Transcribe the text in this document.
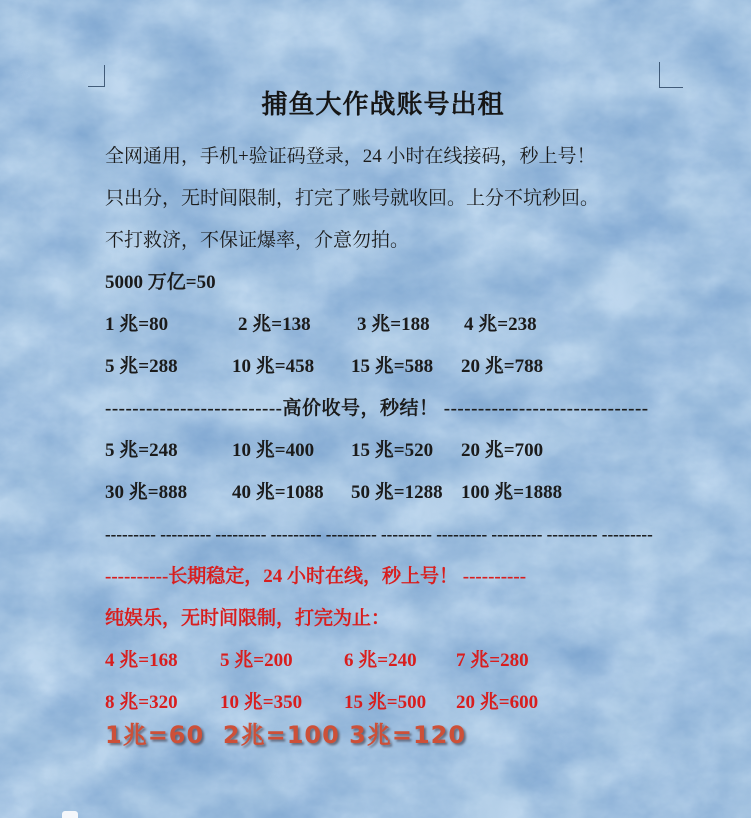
捕鱼大作战账号出租
全网通用，手机+验证码登录，24 小时在线接码，秒上号！
只出分，无时间限制，打完了账号就收回。上分不坑秒回。
不打救济，不保证爆率，介意勿拍。
5000 万亿=50
1 兆=80	2 兆=138	3 兆=188	4 兆=238
5 兆=288	10 兆=458	15 兆=588	20 兆=788
--------------------------高价收号，秒结！ ------------------------------
5 兆=248	10 兆=400	15 兆=520	20 兆=700
30 兆=888	40 兆=1088	50 兆=1288 100 兆=1888
--------- --------- --------- --------- --------- --------- --------- --------- --------- ---------
----------长期稳定，24 小时在线，秒上号！ ----------
纯娱乐，无时间限制，打完为止：
4 兆=168	5 兆=200	6 兆=240	7 兆=280
8 兆=320	10 兆=350	15 兆=500	20 兆=600
1兆=60  2兆=100 3兆=120
